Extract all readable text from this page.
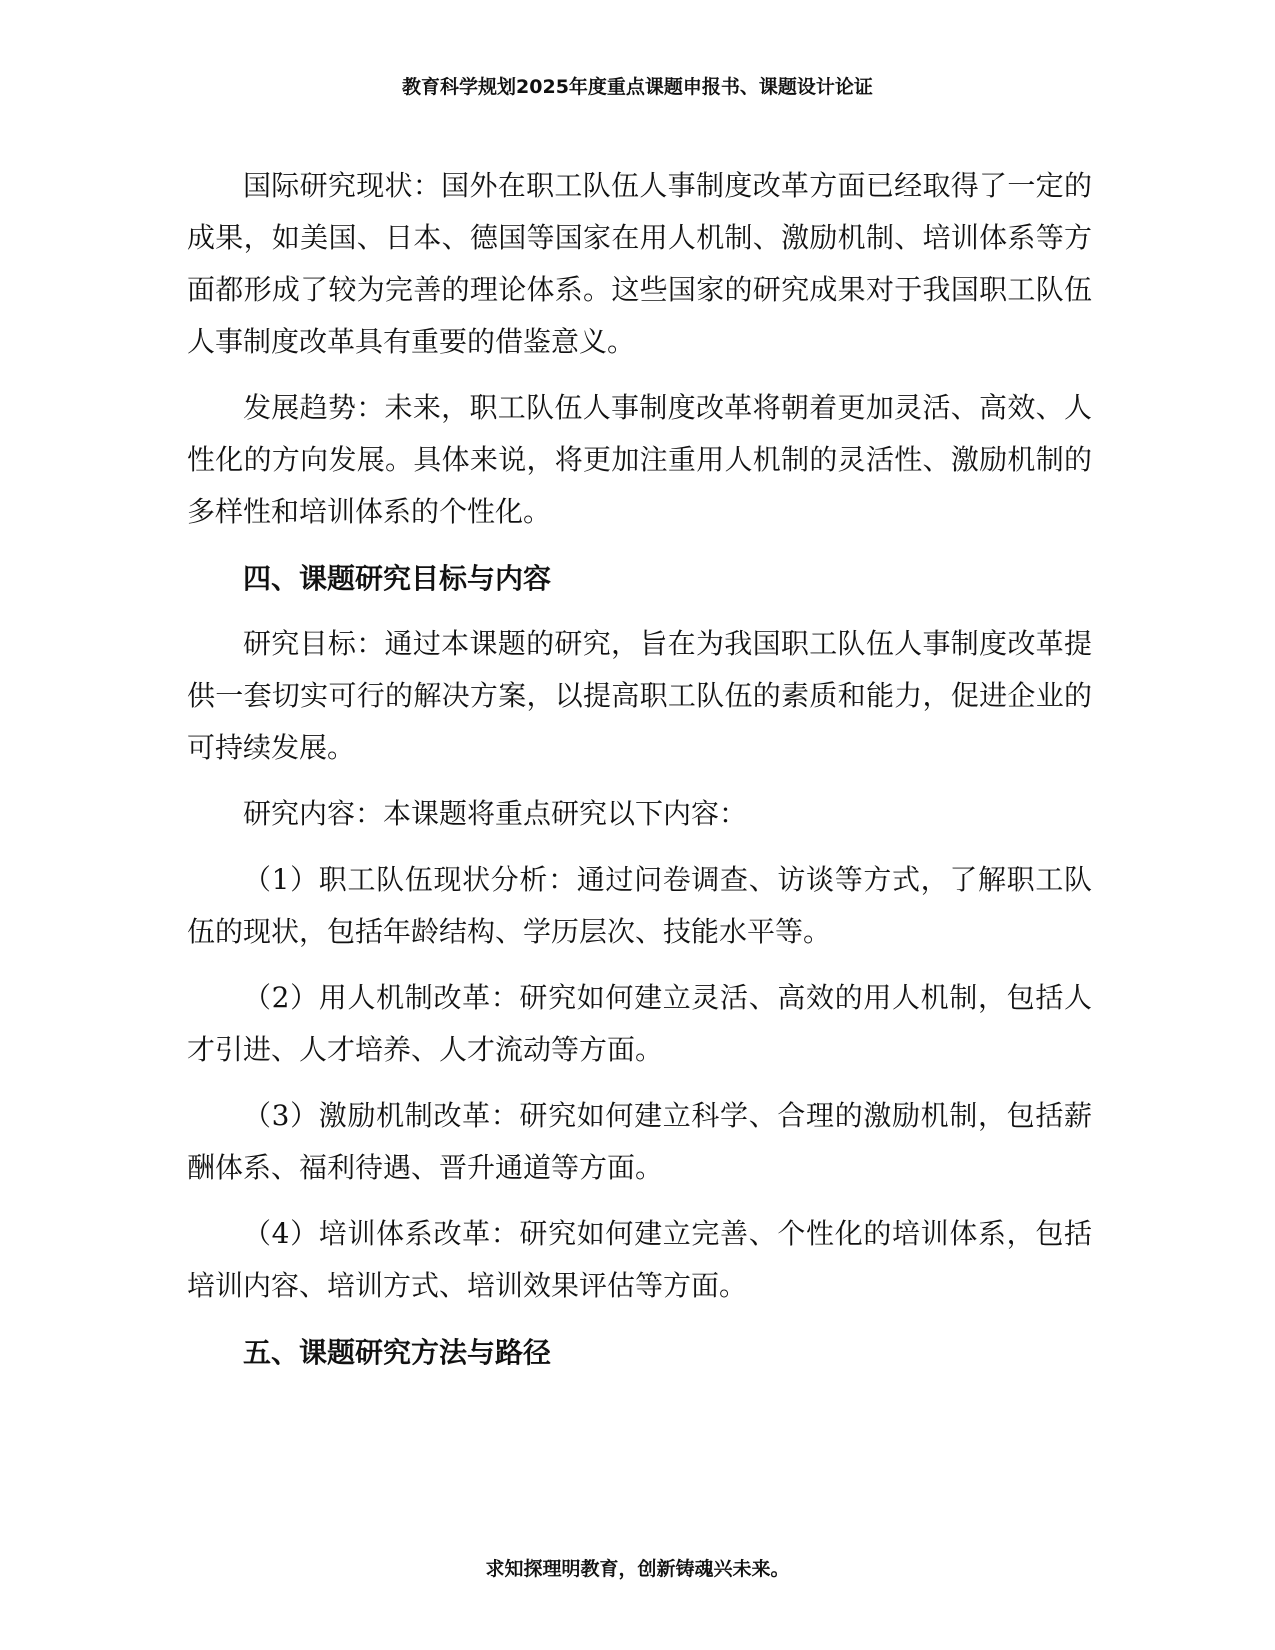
教育科学规划2025年度重点课题申报书、课题设计论证

国际研究现状：国外在职工队伍人事制度改革方面已经取得了一定的成果，如美国、日本、德国等国家在用人机制、激励机制、培训体系等方面都形成了较为完善的理论体系。这些国家的研究成果对于我国职工队伍人事制度改革具有重要的借鉴意义。

发展趋势：未来，职工队伍人事制度改革将朝着更加灵活、高效、人性化的方向发展。具体来说，将更加注重用人机制的灵活性、激励机制的多样性和培训体系的个性化。

四、课题研究目标与内容

研究目标：通过本课题的研究，旨在为我国职工队伍人事制度改革提供一套切实可行的解决方案，以提高职工队伍的素质和能力，促进企业的可持续发展。

研究内容：本课题将重点研究以下内容：

（1）职工队伍现状分析：通过问卷调查、访谈等方式，了解职工队伍的现状，包括年龄结构、学历层次、技能水平等。

（2）用人机制改革：研究如何建立灵活、高效的用人机制，包括人才引进、人才培养、人才流动等方面。

（3）激励机制改革：研究如何建立科学、合理的激励机制，包括薪酬体系、福利待遇、晋升通道等方面。

（4）培训体系改革：研究如何建立完善、个性化的培训体系，包括培训内容、培训方式、培训效果评估等方面。

五、课题研究方法与路径
求知探理明教育，创新铸魂兴未来。
